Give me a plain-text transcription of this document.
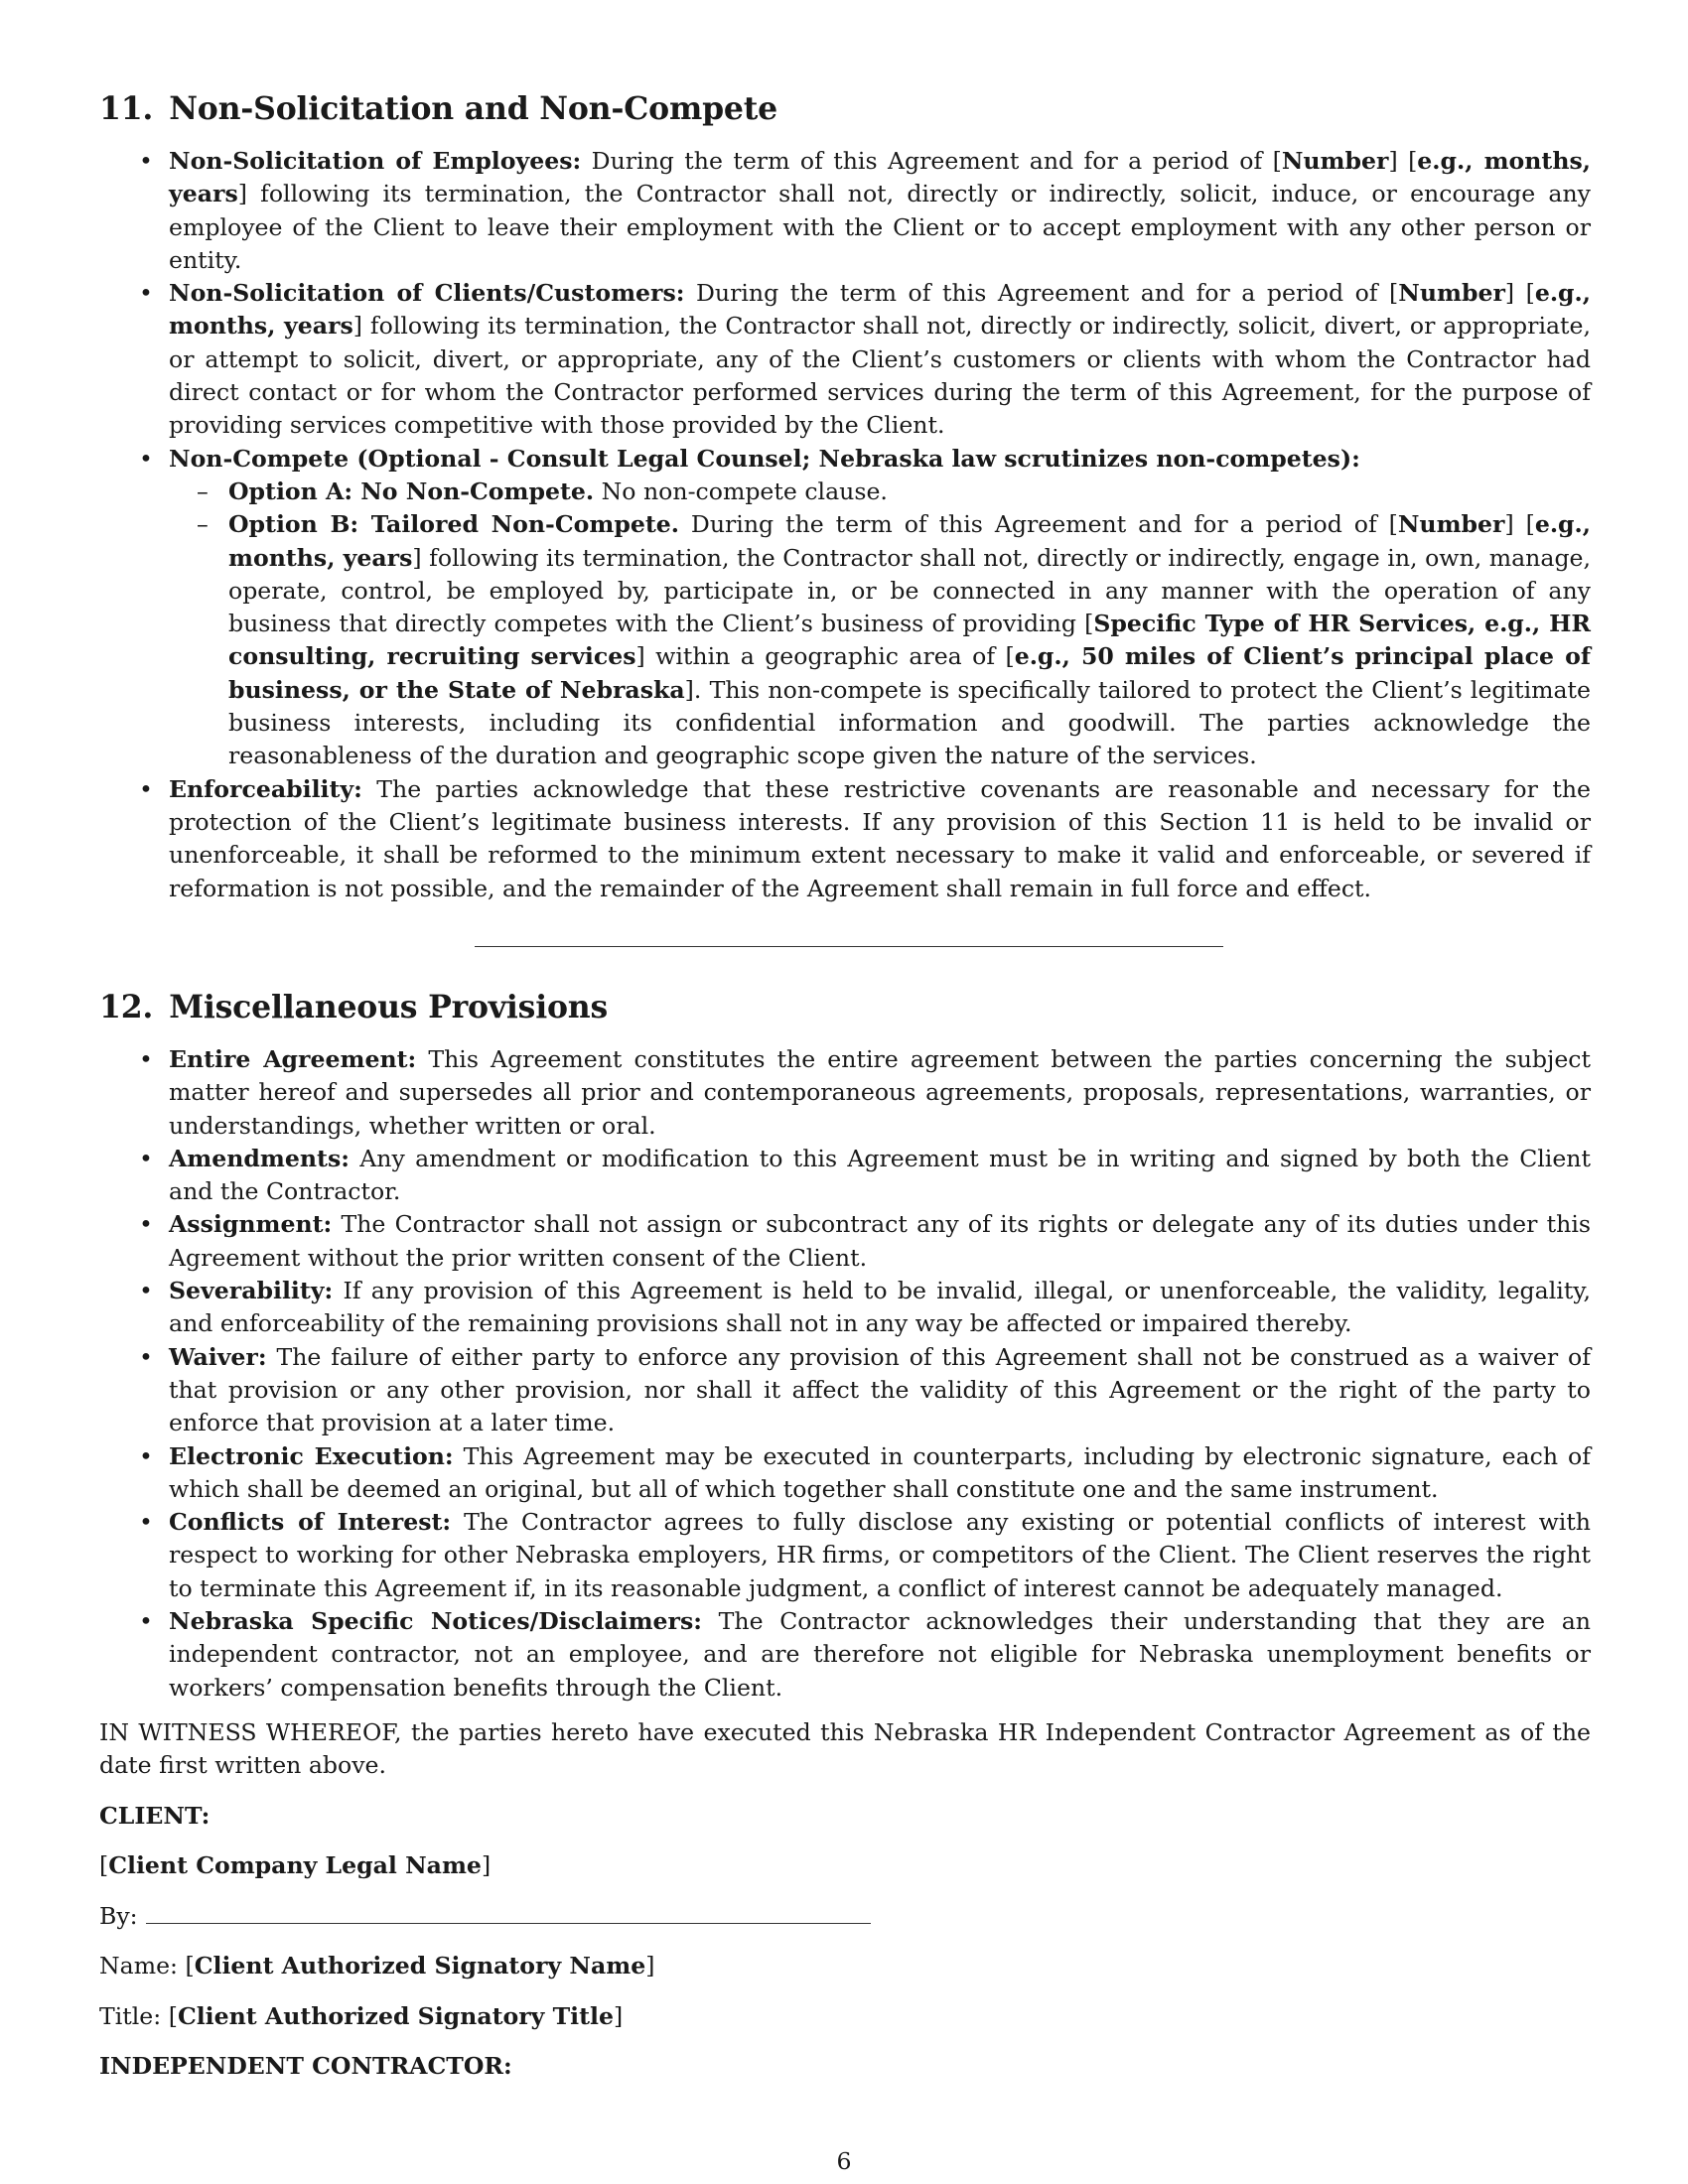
11. Non-Solicitation and Non-Compete
• Non-Solicitation of Employees: During the term of this Agreement and for a period of [Number] [e.g., months, years] following its termination, the Contractor shall not, directly or indirectly, solicit, induce, or encourage any employee of the Client to leave their employment with the Client or to accept employment with any other person or entity.
• Non-Solicitation of Clients/Customers: During the term of this Agreement and for a period of [Number] [e.g., months, years] following its termination, the Contractor shall not, directly or indirectly, solicit, divert, or appropriate, or attempt to solicit, divert, or appropriate, any of the Client’s customers or clients with whom the Contractor had direct contact or for whom the Contractor performed services during the term of this Agreement, for the purpose of providing services competitive with those provided by the Client.
• Non-Compete (Optional - Consult Legal Counsel; Nebraska law scrutinizes non-competes):
– Option A: No Non-Compete. No non-compete clause.
– Option B: Tailored Non-Compete. During the term of this Agreement and for a period of [Number] [e.g., months, years] following its termination, the Contractor shall not, directly or indirectly, engage in, own, manage, operate, control, be employed by, participate in, or be connected in any manner with the operation of any business that directly competes with the Client’s business of providing [Specific Type of HR Services, e.g., HR consulting, recruiting services] within a geographic area of [e.g., 50 miles of Client’s principal place of business, or the State of Nebraska]. This non-compete is specifically tailored to protect the Client’s legitimate business interests, including its confidential information and goodwill. The parties acknowledge the reasonableness of the duration and geographic scope given the nature of the services.
• Enforceability: The parties acknowledge that these restrictive covenants are reasonable and necessary for the protection of the Client’s legitimate business interests. If any provision of this Section 11 is held to be invalid or unenforceable, it shall be reformed to the minimum extent necessary to make it valid and enforceable, or severed if reformation is not possible, and the remainder of the Agreement shall remain in full force and effect.
12. Miscellaneous Provisions
• Entire Agreement: This Agreement constitutes the entire agreement between the parties concerning the subject matter hereof and supersedes all prior and contemporaneous agreements, proposals, representations, warranties, or understandings, whether written or oral.
• Amendments: Any amendment or modification to this Agreement must be in writing and signed by both the Client and the Contractor.
• Assignment: The Contractor shall not assign or subcontract any of its rights or delegate any of its duties under this Agreement without the prior written consent of the Client.
• Severability: If any provision of this Agreement is held to be invalid, illegal, or unenforceable, the validity, legality, and enforceability of the remaining provisions shall not in any way be affected or impaired thereby.
• Waiver: The failure of either party to enforce any provision of this Agreement shall not be construed as a waiver of that provision or any other provision, nor shall it affect the validity of this Agreement or the right of the party to enforce that provision at a later time.
• Electronic Execution: This Agreement may be executed in counterparts, including by electronic signature, each of which shall be deemed an original, but all of which together shall constitute one and the same instrument.
• Conflicts of Interest: The Contractor agrees to fully disclose any existing or potential conflicts of interest with respect to working for other Nebraska employers, HR firms, or competitors of the Client. The Client reserves the right to terminate this Agreement if, in its reasonable judgment, a conflict of interest cannot be adequately managed.
• Nebraska Specific Notices/Disclaimers: The Contractor acknowledges their understanding that they are an independent contractor, not an employee, and are therefore not eligible for Nebraska unemployment benefits or workers’ compensation benefits through the Client.

IN WITNESS WHEREOF, the parties hereto have executed this Nebraska HR Independent Contractor Agreement as of the date first written above.

CLIENT:
[Client Company Legal Name]
By:
Name: [Client Authorized Signatory Name]
Title: [Client Authorized Signatory Title]
INDEPENDENT CONTRACTOR:
6
